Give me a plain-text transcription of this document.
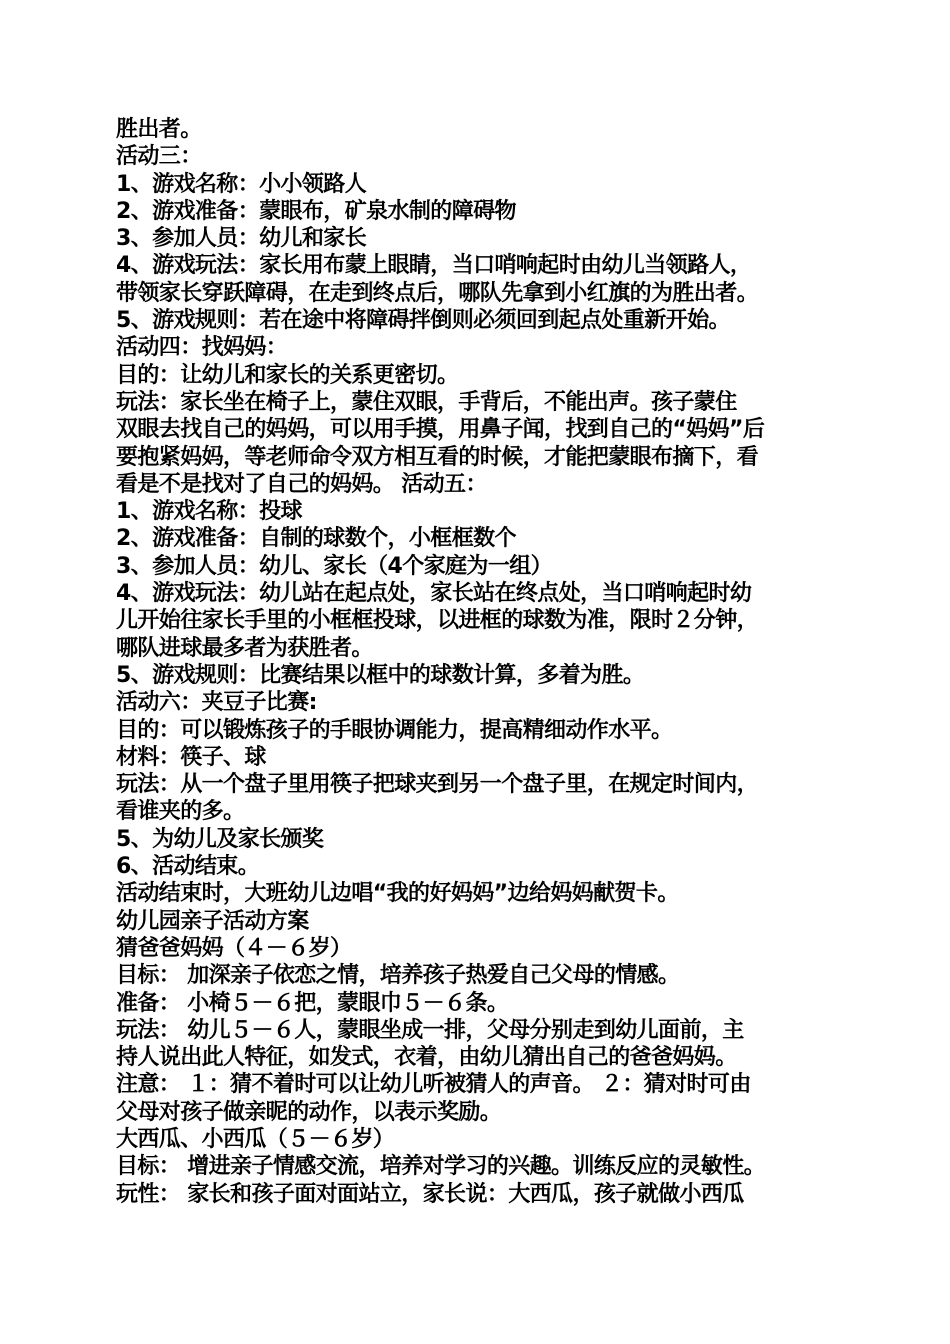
胜出者。
活动三：
1、游戏名称：小小领路人
2、游戏准备：蒙眼布，矿泉水制的障碍物
3、参加人员：幼儿和家长
4、游戏玩法：家长用布蒙上眼睛，当口哨响起时由幼儿当领路人，
带领家长穿跃障碍，在走到终点后，哪队先拿到小红旗的为胜出者。
5、游戏规则：若在途中将障碍拌倒则必须回到起点处重新开始。
活动四：找妈妈：
目的：让幼儿和家长的关系更密切。
玩法：家长坐在椅子上，蒙住双眼，手背后，不能出声。孩子蒙住
双眼去找自己的妈妈，可以用手摸，用鼻子闻，找到自己的“妈妈”后
要抱紧妈妈，等老师命令双方相互看的时候，才能把蒙眼布摘下，看
看是不是找对了自己的妈妈。 活动五：
1、游戏名称：投球
2、游戏准备：自制的球数个，小框框数个
3、参加人员：幼儿、家长（4个家庭为一组）
4、游戏玩法：幼儿站在起点处，家长站在终点处，当口哨响起时幼
儿开始往家长手里的小框框投球，以进框的球数为准，限时２分钟，
哪队进球最多者为获胜者。
5、游戏规则：比赛结果以框中的球数计算，多着为胜。
活动六：夹豆子比赛:
目的：可以锻炼孩子的手眼协调能力，提高精细动作水平。
材料：筷子、球
玩法：从一个盘子里用筷子把球夹到另一个盘子里，在规定时间内，
看谁夹的多。
5、为幼儿及家长颁奖
6、活动结束。
活动结束时，大班幼儿边唱“我的好妈妈”边给妈妈献贺卡。
幼儿园亲子活动方案
猜爸爸妈妈（４－６岁）
目标： 加深亲子依恋之情，培养孩子热爱自己父母的情感。
准备： 小椅５－６把，蒙眼巾５－６条。
玩法： 幼儿５－６人，蒙眼坐成一排，父母分别走到幼儿面前，主
持人说出此人特征，如发式，衣着，由幼儿猜出自己的爸爸妈妈。
注意： １：猜不着时可以让幼儿听被猜人的声音。 ２：猜对时可由
父母对孩子做亲昵的动作，以表示奖励。
大西瓜、小西瓜（５－６岁）
目标： 增进亲子情感交流，培养对学习的兴趣。训练反应的灵敏性。
玩性： 家长和孩子面对面站立，家长说：大西瓜，孩子就做小西瓜
